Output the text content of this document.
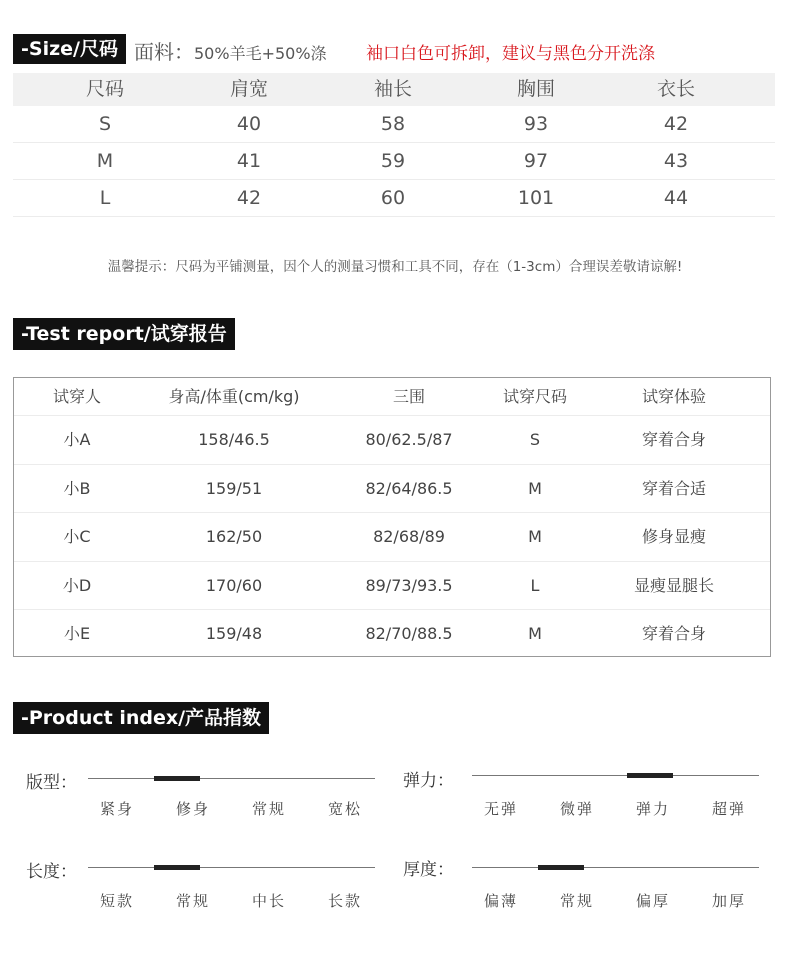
-Size/尺码 面料：50%羊毛+50%涤 袖口白色可拆卸，建议与黑色分开洗涤
尺码	肩宽	袖长	胸围	衣长
S	40	58	93	42
M	41	59	97	43
L	42	60	101	44
温馨提示：尺码为平铺测量，因个人的测量习惯和工具不同，存在（1-3cm）合理误差敬请谅解!
-Test report/试穿报告
试穿人	身高/体重(cm/kg)	三围	试穿尺码	试穿体验
小A	158/46.5	80/62.5/87	S	穿着合身
小B	159/51	82/64/86.5	M	穿着合适
小C	162/50	82/68/89	M	修身显瘦
小D	170/60	89/73/93.5	L	显瘦显腿长
小E	159/48	82/70/88.5	M	穿着合身
-Product index/产品指数
版型：
紧身	修身	常规	宽松
弹力：
无弹	微弹	弹力	超弹
长度：
短款	常规	中长	长款
厚度：
偏薄	常规	偏厚	加厚
